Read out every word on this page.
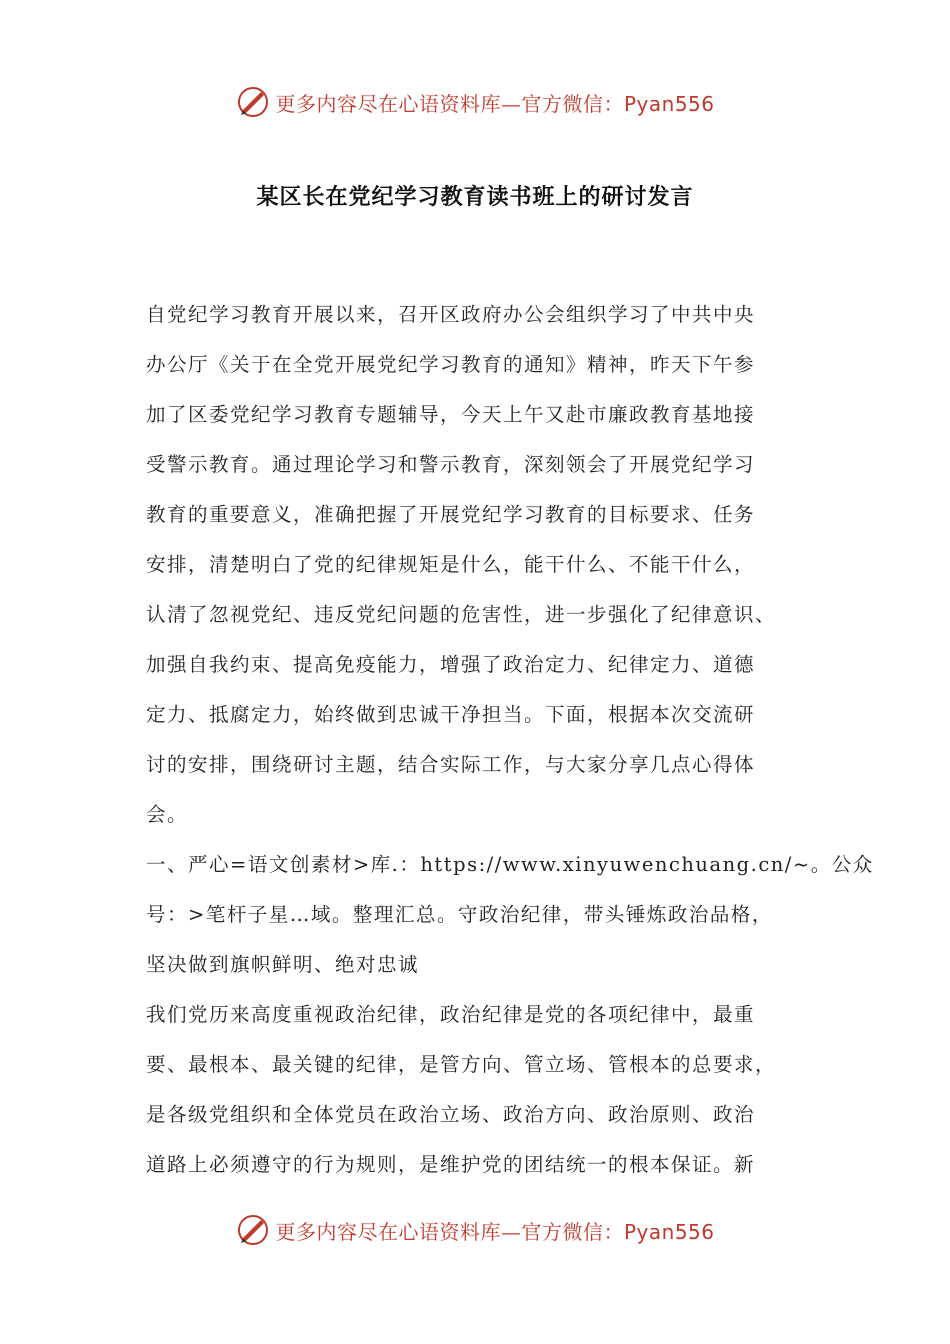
更多内容尽在心语资料库—官方微信：Pyan556
某区长在党纪学习教育读书班上的研讨发言

自党纪学习教育开展以来，召开区政府办公会组织学习了中共中央

办公厅《关于在全党开展党纪学习教育的通知》精神，昨天下午参

加了区委党纪学习教育专题辅导，今天上午又赴市廉政教育基地接

受警示教育。通过理论学习和警示教育，深刻领会了开展党纪学习

教育的重要意义，准确把握了开展党纪学习教育的目标要求、任务

安排，清楚明白了党的纪律规矩是什么，能干什么、不能干什么，

认清了忽视党纪、违反党纪问题的危害性，进一步强化了纪律意识、

加强自我约束、提高免疫能力，增强了政治定力、纪律定力、道德

定力、抵腐定力，始终做到忠诚干净担当。下面，根据本次交流研

讨的安排，围绕研讨主题，结合实际工作，与大家分享几点心得体

会。

一、严心=语文创素材>库.：https://www.xinyuwenchuang.cn/~。公众

号：>笔杆子星…域。整理汇总。守政治纪律，带头锤炼政治品格，

坚决做到旗帜鲜明、绝对忠诚

我们党历来高度重视政治纪律，政治纪律是党的各项纪律中，最重

要、最根本、最关键的纪律，是管方向、管立场、管根本的总要求，

是各级党组织和全体党员在政治立场、政治方向、政治原则、政治

道路上必须遵守的行为规则，是维护党的团结统一的根本保证。新

更多内容尽在心语资料库—官方微信：Pyan556
